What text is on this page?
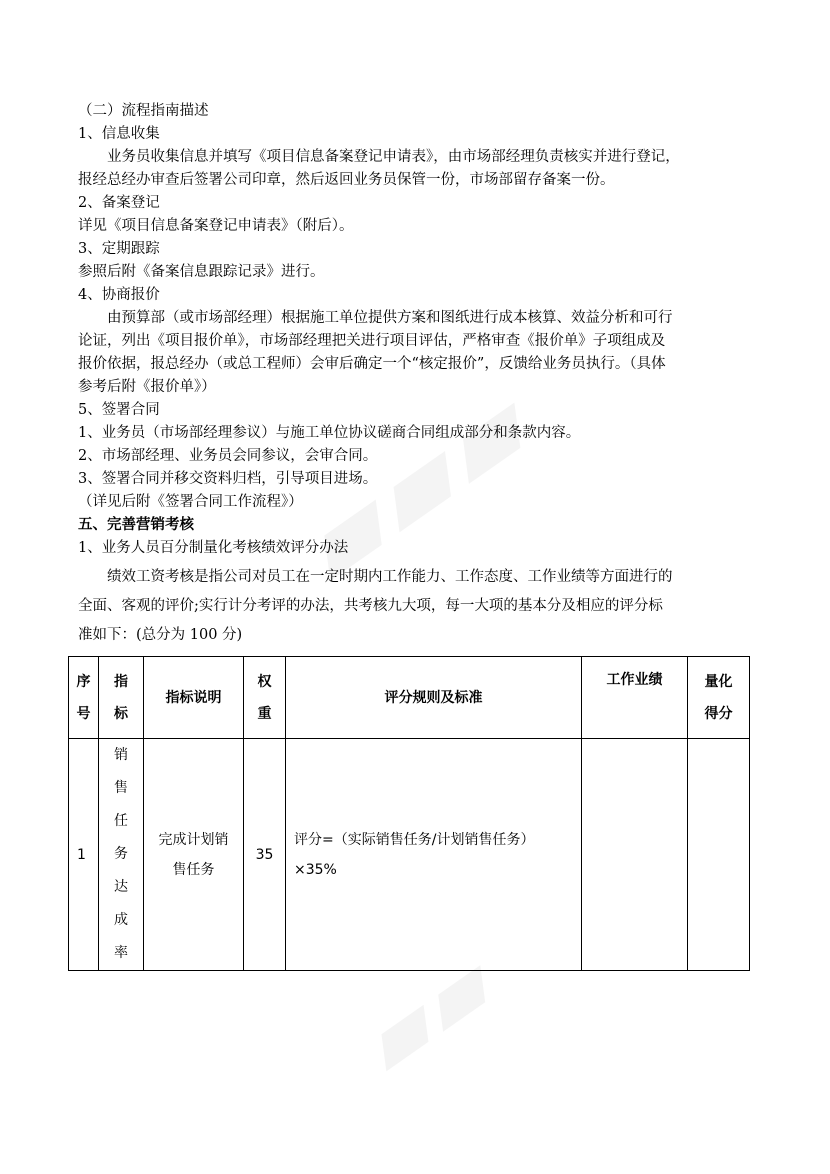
（二）流程指南描述
1、信息收集
　　业务员收集信息并填写《项目信息备案登记申请表》，由市场部经理负责核实并进行登记，
报经总经办审查后签署公司印章，然后返回业务员保管一份，市场部留存备案一份。
2、备案登记
详见《项目信息备案登记申请表》（附后）。
3、定期跟踪
参照后附《备案信息跟踪记录》进行。
4、协商报价
　　由预算部（或市场部经理）根据施工单位提供方案和图纸进行成本核算、效益分析和可行
论证，列出《项目报价单》，市场部经理把关进行项目评估，严格审查《报价单》子项组成及
报价依据，报总经办（或总工程师）会审后确定一个“核定报价”，反馈给业务员执行。（具体
参考后附《报价单》）
5、签署合同
1、业务员（市场部经理参议）与施工单位协议磋商合同组成部分和条款内容。
2、市场部经理、业务员会同参议，会审合同。
3、签署合同并移交资料归档，引导项目进场。
（详见后附《签署合同工作流程》）
五、完善营销考核
1、业务人员百分制量化考核绩效评分办法
　　绩效工资考核是指公司对员工在一定时期内工作能力、工作态度、工作业绩等方面进行的
全面、客观的评价;实行计分考评的办法，共考核九大项，每一大项的基本分及相应的评分标
准如下：(总分为 100 分)
序号	指标	指标说明	权重	评分规则及标准	工作业绩	量化得分

1	销售任务达成率	完成计划销售任务	35	评分=（实际销售任务/计划销售任务）
×35%		
